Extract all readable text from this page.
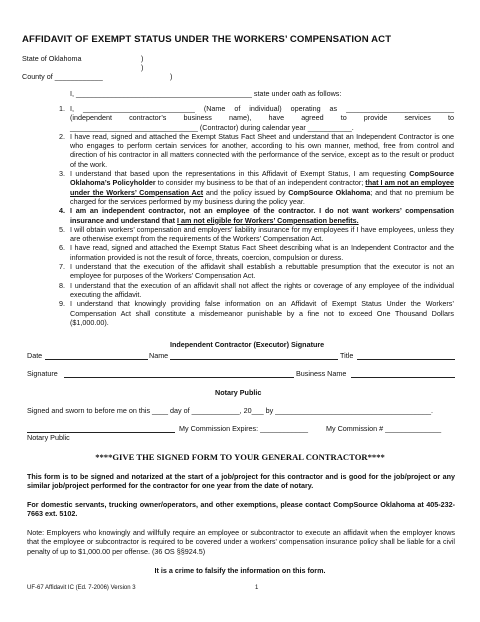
AFFIDAVIT OF EXEMPT STATUS UNDER THE WORKERS’ COMPENSATION ACT
State of Oklahoma	)
)
County of ____________	)
I, ____________________________________________ state under oath as follows:
1. I, ____________________________ (Name of individual) operating as ___________________________
(independent contractor’s business name), have agreed to provide services to
________________________________ (Contractor) during calendar year ___________.
2. I have read, signed and attached the Exempt Status Fact Sheet and understand that an Independent Contractor is one who engages to perform certain services for another, according to his own manner, method, free from control and direction of his contractor in all matters connected with the performance of the service, except as to the result or product of the work.
3. I understand that based upon the representations in this Affidavit of Exempt Status, I am requesting CompSource Oklahoma’s Policyholder to consider my business to be that of an independent contractor; that I am not an employee under the Workers’ Compensation Act and the policy issued by CompSource Oklahoma; and that no premium be charged for the services performed by my business during the policy year.
4. I am an independent contractor, not an employee of the contractor. I do not want workers’ compensation insurance and understand that I am not eligible for Workers’ Compensation benefits.
5. I will obtain workers’ compensation and employers’ liability insurance for my employees if I have employees, unless they are otherwise exempt from the requirements of the Workers’ Compensation Act.
6. I have read, signed and attached the Exempt Status Fact Sheet describing what is an Independent Contractor and the information provided is not the result of force, threats, coercion, compulsion or duress.
7. I understand that the execution of the affidavit shall establish a rebuttable presumption that the executor is not an employee for purposes of the Workers’ Compensation Act.
8. I understand that the execution of an affidavit shall not affect the rights or coverage of any employee of the individual executing the affidavit.
9. I understand that knowingly providing false information on an Affidavit of Exempt Status Under the Workers’ Compensation Act shall constitute a misdemeanor punishable by a fine not to exceed One Thousand Dollars ($1,000.00).
Independent Contractor (Executor) Signature
Date	Name	Title
Signature	Business Name
Notary Public
Signed and sworn to before me on this ____ day of ____________, 20___ by _______________________________________.
My Commission Expires: ____________ My Commission # ______________
Notary Public
****GIVE THE SIGNED FORM TO YOUR GENERAL CONTRACTOR****
This form is to be signed and notarized at the start of a job/project for this contractor and is good for the job/project or any similar job/project performed for the contractor for one year from the date of notary.
For domestic servants, trucking owner/operators, and other exemptions, please contact CompSource Oklahoma at 405-232-7663 ext. 5102.
Note: Employers who knowingly and willfully require an employee or subcontractor to execute an affidavit when the employer knows that the employee or subcontractor is required to be covered under a workers’ compensation insurance policy shall be liable for a civil penalty of up to $1,000.00 per offense. (36 OS §§924.5)
It is a crime to falsify the information on this form.
UF-67 Affidavit IC (Ed. 7-2006) Version 3	1
